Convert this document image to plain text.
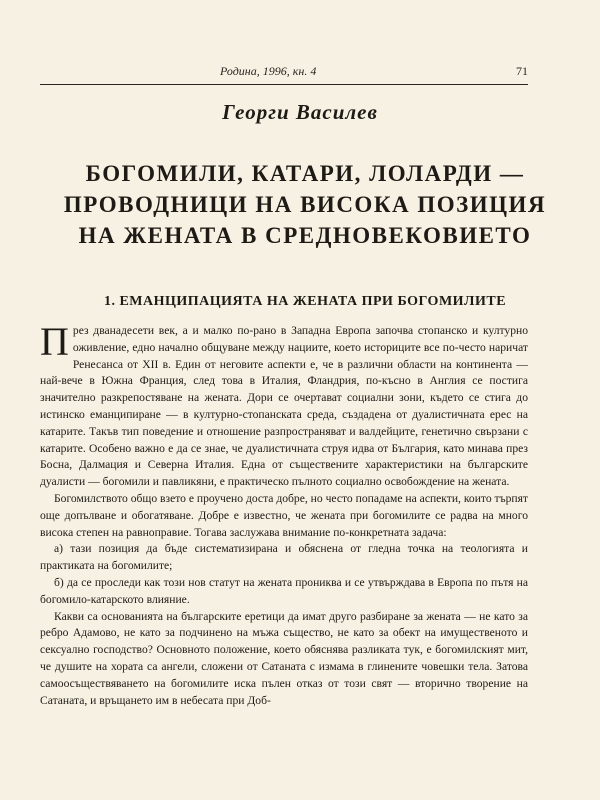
Родина, 1996, кн. 4	71
Георги Василев
БОГОМИЛИ, КАТАРИ, ЛОЛАРДИ — ПРОВОДНИЦИ НА ВИСОКА ПОЗИЦИЯ НА ЖЕНАТА В СРЕДНОВЕКОВИЕТО
1. ЕМАНЦИПАЦИЯТА НА ЖЕНАТА ПРИ БОГОМИЛИТЕ

През дванадесети век, а и малко по-рано в Западна Европа започва стопанско и културно оживление, едно начално общуване между нациите, което историците все по-често наричат Ренесанса от XII в. Един от неговите аспекти е, че в различни области на континента — най-вече в Южна Франция, след това в Италия, Фландрия, по-късно в Англия се постига значително разкрепостяване на жената. Дори се очертават социални зони, където се стига до истинско еманципиране — в културно-стопанската среда, създадена от дуалистичната ерес на катарите. Такъв тип поведение и отношение разпространяват и валдейците, генетично свързани с катарите. Особено важно е да се знае, че дуалистичната струя идва от България, като минава през Босна, Далмация и Северна Италия. Една от съществените характеристики на българските дуалисти — богомили и павликяни, е практическо пълното социално освобождение на жената.

Богомилството общо взето е проучено доста добре, но често попадаме на аспекти, които търпят още допълване и обогатяване. Добре е известно, че жената при богомилите се радва на много висока степен на равноправие. Тогава заслужава внимание по-конкретната задача:

а) тази позиция да бъде систематизирана и обяснена от гледна точка на теологията и практиката на богомилите;

б) да се проследи как този нов статут на жената прониква и се утвърждава в Европа по пътя на богомило-катарското влияние.

Какви са основанията на българските еретици да имат друго разбиране за жената — не като за ребро Адамово, не като за подчинено на мъжа същество, не като за обект на имущественото и сексуално господство? Основното положение, което обяснява разликата тук, е богомилският мит, че душите на хората са ангели, сложени от Сатаната с измама в глинените човешки тела. Затова самоосъществяването на богомилите иска пълен отказ от този свят — вторично творение на Сатаната, и връщането им в небесата при Доб-
